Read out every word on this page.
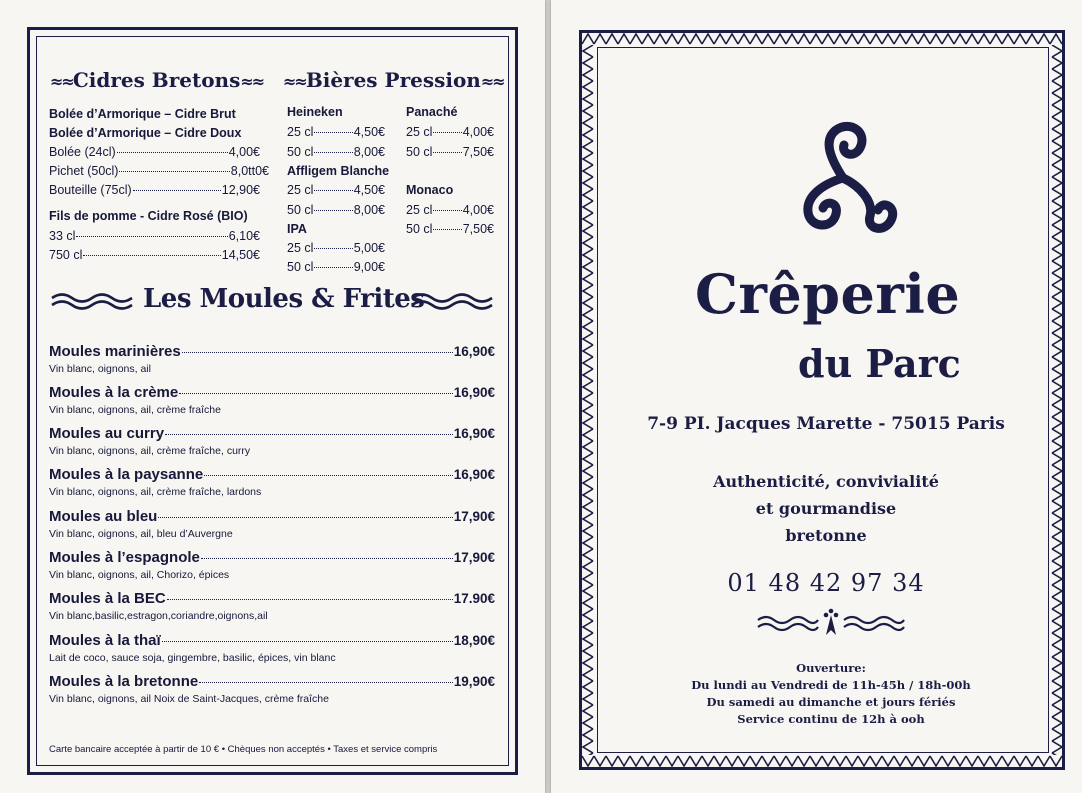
≈≈Cidres Bretons≈≈ ≈≈Bières Pression≈≈
Bolée d’Armorique – Cidre Brut
Bolée d’Armorique – Cidre Doux
Bolée (24cl)	4,00€
Pichet (50cl)	8,0tt0€
Bouteille (75cl)	12,90€
Fils de pomme - Cidre Rosé (BIO)
33 cl	6,10€
750 cl	14,50€
Heineken
25 cl	4,50€
50 cl	8,00€
Affligem Blanche
25 cl	4,50€
50 cl	8,00€
IPA
25 cl	5,00€
50 cl	9,00€
Panaché
25 cl 4,00€
50 cl 7,50€
Monaco
25 cl 4,00€
50 cl 7,50€
Les Moules & Frites
Moules marinières	16,90€
Vin blanc, oignons, ail
Moules à la crème	16,90€
Vin blanc, oignons, ail, crème fraîche
Moules au curry	16,90€
Vin blanc, oignons, ail, crème fraîche, curry
Moules à la paysanne	16,90€
Vin blanc, oignons, ail, crème fraîche, lardons
Moules au bleu	17,90€
Vin blanc, oignons, ail, bleu d’Auvergne
Moules à l’espagnole	17,90€
Vin blanc, oignons, ail, Chorizo, épices
Moules à la BEC	17.90€
Vin blanc,basilic,estragon,coriandre,oignons,ail
Moules à la thaï	18,90€
Lait de coco, sauce soja, gingembre, basilic, épices, vin blanc
Moules à la bretonne	19,90€
Vin blanc, oignons, ail Noix de Saint-Jacques, crème fraîche
Carte bancaire acceptée à partir de 10 € • Chèques non acceptés • Taxes et service compris
Crêperie
du Parc
7-9 PI. Jacques Marette - 75015 Paris
Authenticité, convivialité
et gourmandise
bretonne
01 48 42 97 34
Ouverture:
Du lundi au Vendredi de 11h-45h / 18h-00h
Du samedi au dimanche et jours fériés
Service continu de 12h à ooh
